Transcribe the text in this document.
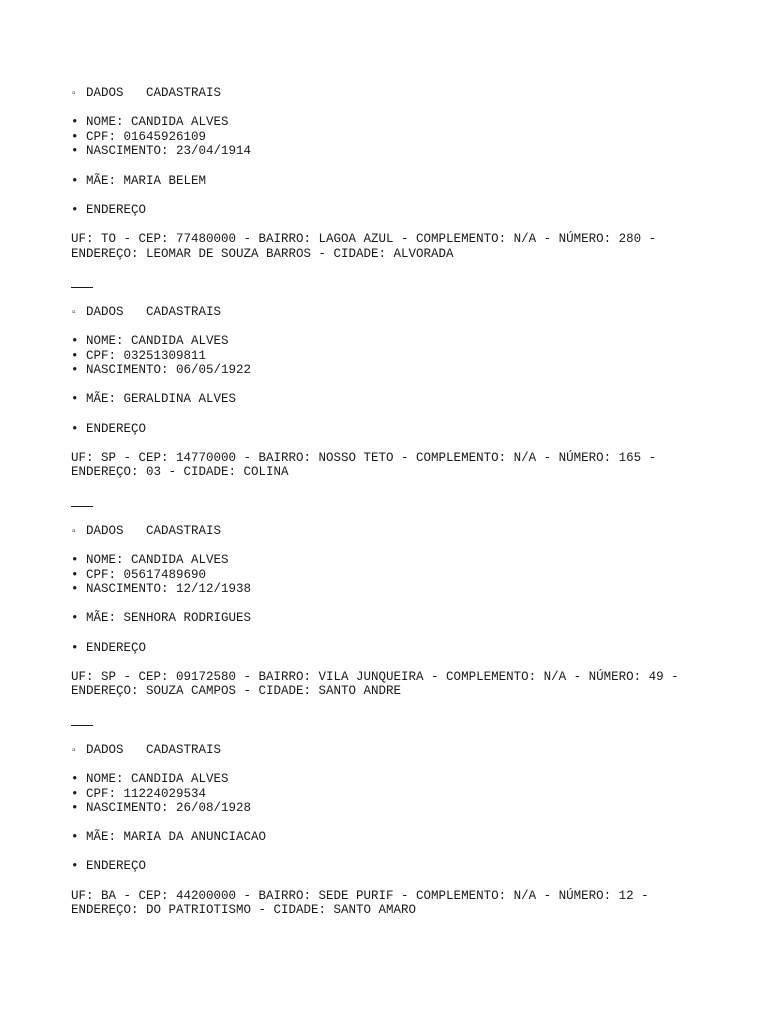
▫ DADOS   CADASTRAIS
• NOME: CANDIDA ALVES
• CPF: 01645926109
• NASCIMENTO: 23/04/1914
• MÃE: MARIA BELEM
• ENDEREÇO
UF: TO - CEP: 77480000 - BAIRRO: LAGOA AZUL - COMPLEMENTO: N/A - NÚMERO: 280 -
ENDEREÇO: LEOMAR DE SOUZA BARROS - CIDADE: ALVORADA
▫ DADOS   CADASTRAIS
• NOME: CANDIDA ALVES
• CPF: 03251309811
• NASCIMENTO: 06/05/1922
• MÃE: GERALDINA ALVES
• ENDEREÇO
UF: SP - CEP: 14770000 - BAIRRO: NOSSO TETO - COMPLEMENTO: N/A - NÚMERO: 165 -
ENDEREÇO: 03 - CIDADE: COLINA
▫ DADOS   CADASTRAIS
• NOME: CANDIDA ALVES
• CPF: 05617489690
• NASCIMENTO: 12/12/1938
• MÃE: SENHORA RODRIGUES
• ENDEREÇO
UF: SP - CEP: 09172580 - BAIRRO: VILA JUNQUEIRA - COMPLEMENTO: N/A - NÚMERO: 49 -
ENDEREÇO: SOUZA CAMPOS - CIDADE: SANTO ANDRE
▫ DADOS   CADASTRAIS
• NOME: CANDIDA ALVES
• CPF: 11224029534
• NASCIMENTO: 26/08/1928
• MÃE: MARIA DA ANUNCIACAO
• ENDEREÇO
UF: BA - CEP: 44200000 - BAIRRO: SEDE PURIF - COMPLEMENTO: N/A - NÚMERO: 12 -
ENDEREÇO: DO PATRIOTISMO - CIDADE: SANTO AMARO
